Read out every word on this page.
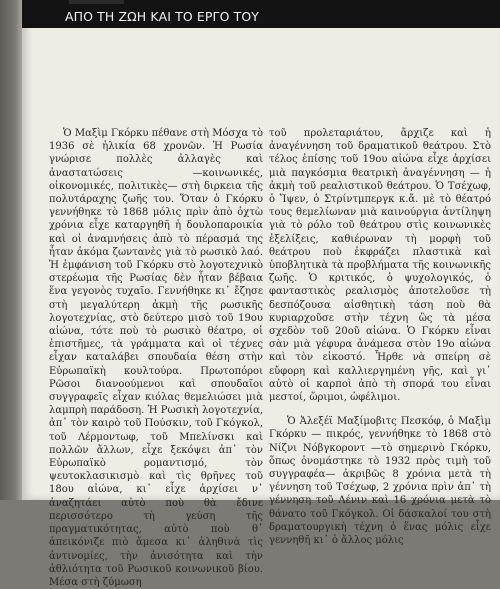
ΑΠΟ ΤΗ ΖΩΗ ΚΑΙ ΤΟ ΕΡΓΟ ΤΟΥ

Ὁ Μαξὶμ Γκόρκυ πέθανε στὴ Μόσχα τὸ 1936 σὲ ἡλικία 68 χρονῶν. Ἡ Ρωσία γνώρισε πολλὲς ἀλλαγὲς καὶ ἀναστατώσεις —κοινωνικές, οἰκονομικές, πολιτικὲς— στὴ διρκεια τῆς πολυτάραχης ζωῆς του. Ὅταν ὁ Γκόρκυ γεννήθηκε τὸ 1868 μόλις πρὶν ἀπὸ ὀχτὼ χρόνια εἶχε καταργηθῆ ἡ δουλοπαροικία καὶ οἱ ἀναμνήσεις ἀπὸ τὸ πέρασμά της ἦταν ἀκόμα ζωντανὲς γιὰ τὸ ρωσικὸ λαό. Ἡ ἐμφάνιση τοῦ Γκόρκυ στὸ λογοτεχνικὸ στερέωμα τῆς Ρωσίας δὲν ἦταν βέβαια ἕνα γεγονὸς τυχαῖο. Γεννήθηκε κι᾿ ἔζησε στὴ μεγαλύτερη ἀκμὴ τῆς ρωσικῆς λογοτεχνίας, στὸ δεύτερο μισὸ τοῦ 19ου αἰώνα, τότε ποὺ τὸ ρωσικὸ θέατρο, οἱ ἐπιστῆμες, τὰ γράμματα καὶ οἱ τέχνες εἶχαν καταλάβει σπουδαία θέση στὴν Εὐρωπαϊκὴ κουλτούρα. Πρωτοπόροι Ρῶσοι διανοούμενοι καὶ σπουδαῖοι συγγραφεῖς εἶχαν κιόλας θεμελιώσει μιὰ λαμπρὴ παράδοση. Ἡ Ρωσικὴ λογοτεχνία, ἀπ᾿ τὸν καιρὸ τοῦ Πούσκιν, τοῦ Γκόγκολ, τοῦ Λέρμοντωφ, τοῦ Μπελίνσκι καὶ πολλῶν ἄλλων, εἶχε ξεκόψει ἀπ᾿ τὸν Εὐρωπαϊκὸ ρομαντισμό, τὸν ψευτοκλασικισμὸ καὶ τὶς θρῆνες τοῦ 18ου αἰώνα, κι᾿ εἶχε ἀρχίσει ν᾿ ἀναζητάει αὐτὸ ποὺ θὰ ἔδινε περισσότερο τὴ γεύση τῆς πραγματικότητας, αὐτὸ ποὺ θ᾿ ἀπεικόνιζε πιὸ ἄμεσα κι᾿ ἀληθινὰ τὶς ἀντινομίες, τὴν ἀνισότητα καὶ τὴν ἀθλιότητα τοῦ Ρωσικοῦ κοινωνικοῦ βίου. Μέσα στὴ ζύμωση

τοῦ προλεταριάτου, ἄρχιζε καὶ ἡ ἀναγέννηση τοῦ δραματικοῦ θεάτρου. Στὸ τέλος ἐπίσης τοῦ 19ου αἰώνα εἶχε ἀρχίσει μιὰ παγκόσμια θεατρικὴ ἀναγέννηση — ἡ ἀκμὴ τοῦ ρεαλιστικοῦ θεάτρου. Ὁ Τσέχωφ, ὁ Ἴψεν, ὁ Στρίντμπεργκ κ.ἄ. μὲ τὸ θέατρό τους θεμελίωναν μιὰ καινούργια ἀντίληψη γιὰ τὸ ρόλο τοῦ θεάτρου στὶς κοινωνικὲς ἐξελίξεις, καθιέρωναν τὴ μορφὴ τοῦ θεάτρου ποὺ ἐκφράζει πλαστικὰ καὶ ὑποβλητικὰ τὰ προβλήματα τῆς κοινωνικῆς ζωῆς. Ὁ κριτικός, ὁ ψυχολογικός, ὁ φανταστικὸς ρεαλισμὸς ἀποτελοῦσε τὴ δεσπόζουσα αἰσθητικὴ τάση ποὺ θὰ κυριαρχοῦσε στὴν τέχνη ὣς τὰ μέσα σχεδὸν τοῦ 20οῦ αἰώνα. Ὁ Γκόρκυ εἶναι σὰν μιὰ γέφυρα ἀνάμεσα στὸν 19ο αἰώνα καὶ τὸν εἰκοστό. Ἦρθε νὰ σπείρη σὲ εὔφορη καὶ καλλιεργημένη γῆς, καὶ γι᾿ αὐτὸ οἱ καρποὶ ἀπὸ τὴ σπορά του εἶναι μεστοί, ὥριμοι, ὠφέλιμοι.

Ὁ Ἀλεξέϊ Μαξίμοβιτς Πεσκόφ, ὁ Μαξὶμ Γκόρκυ — πικρός, γεννήθηκε τὸ 1868 στὸ Νίζνι Νόβγκοροντ —τὸ σημερινὸ Γκόρκυ, ὅπως ὀνομάστηκε τὸ 1932 πρὸς τιμὴ τοῦ συγγραφέα— ἀκριβῶς 8 χρόνια μετὰ τὴ γέννηση τοῦ Τσέχωφ, 2 χρόνια πρὶν ἀπ᾿ τὴ γέννηση τοῦ Λένιν καὶ 16 χρόνια μετὰ τὸ θάνατο τοῦ Γκόγκολ. Οἱ δάσκαλοί του στὴ δραματουργικὴ τέχνη ὁ ἕνας μόλις εἶχε γεννηθῆ κι᾿ ὁ ἄλλος μόλις
